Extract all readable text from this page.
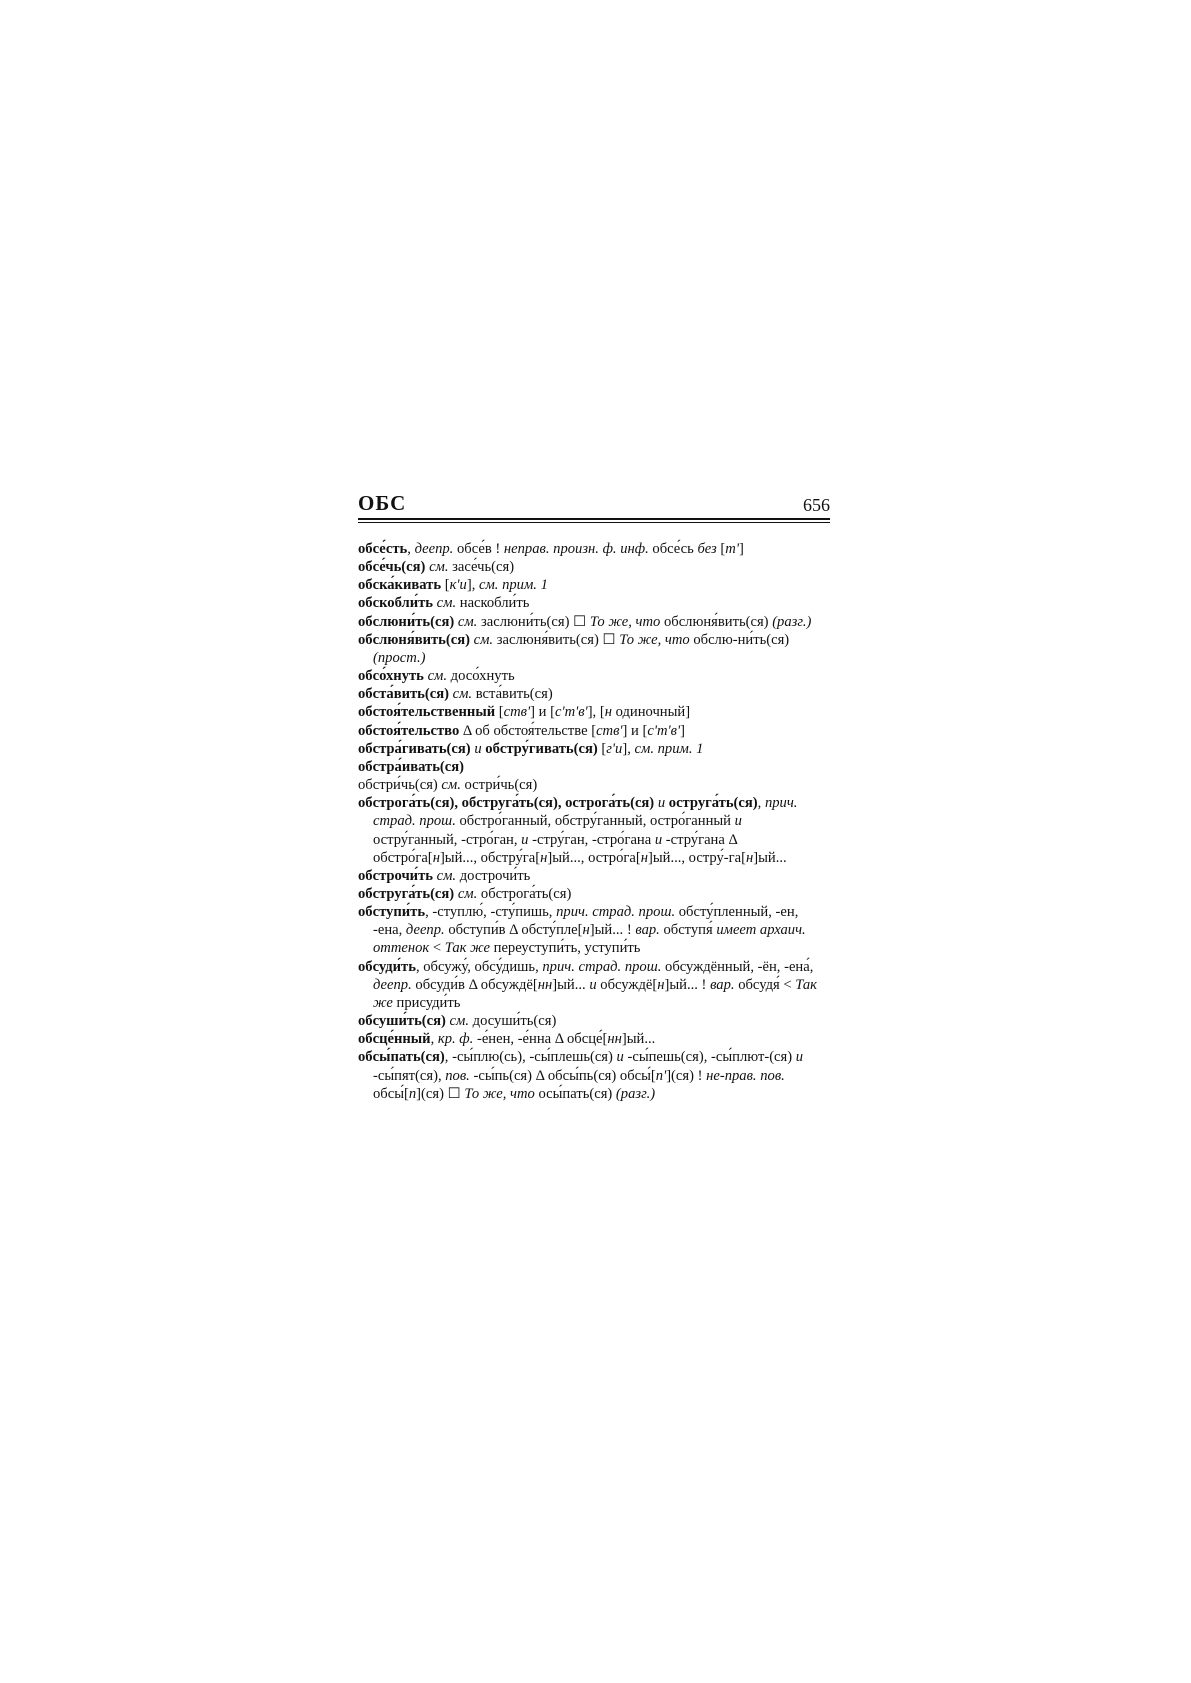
ОБС	656

обсе́сть, деепр. обсе́в ! неправ. произн. ф. инф. обсе́сь без [т']

обсе́чь(ся) см. засе́чь(ся)

обска́кивать [к'и], см. прим. 1

обскобли́ть см. наскобли́ть

обслюни́ть(ся) см. заслюни́ть(ся) ☐ То же, что обслюня́вить(ся) (разг.)

обслюня́вить(ся) см. заслюня́вить(ся) ☐ То же, что обслю-ни́ть(ся) (прост.)

обсо́хнуть см. досо́хнуть

обста́вить(ся) см. вста́вить(ся)

обстоя́тельственный [ств'] и [с'т'в'], [н одиночный]

обстоя́тельство Δ об обстоя́тельстве [ств'] и [с'т'в']

обстра́гивать(ся) и обстру́гивать(ся) [г'и], см. прим. 1

обстра́ивать(ся)

обстри́чь(ся) см. остри́чь(ся)

обстрога́ть(ся), обструга́ть(ся), острога́ть(ся) и оструга́ть(ся), прич. страд. прош. обстро́ганный, обстру́ганный, остро́ганный и остру́ганный, -стро́ган, и -стру́ган, -стро́гана и -стру́гана Δ обстро́га[н]ый..., обстру́га[н]ый..., остро́га[н]ый..., остру́-га[н]ый...

обстрочи́ть см. дострочи́ть

обструга́ть(ся) см. обстрога́ть(ся)

обступи́ть, -ступлю́, -сту́пишь, прич. страд. прош. обсту́пленный, -ен, -ена, деепр. обступи́в Δ обсту́пле[н]ый... ! вар. обступя́ имеет архаич. оттенок < Так же переуступи́ть, уступи́ть

обсуди́ть, обсужу́, обсу́дишь, прич. страд. прош. обсуждённый, -ён, -ена́, деепр. обсуди́в Δ обсуждё[нн]ый... и обсуждё[н]ый... ! вар. обсудя́ < Так же присуди́ть

обсуши́ть(ся) см. досуши́ть(ся)

обсце́нный, кр. ф. -е́нен, -е́нна Δ обсце́[нн]ый...

обсы́пать(ся), -сы́плю(сь), -сы́плешь(ся) и -сы́пешь(ся), -сы́плют-(ся) и -сы́пят(ся), пов. -сы́пь(ся) Δ обсы́пь(ся) обсы́[п'](ся) ! не-прав. пов. обсы́[п](ся) ☐ То же, что осы́пать(ся) (разг.)
